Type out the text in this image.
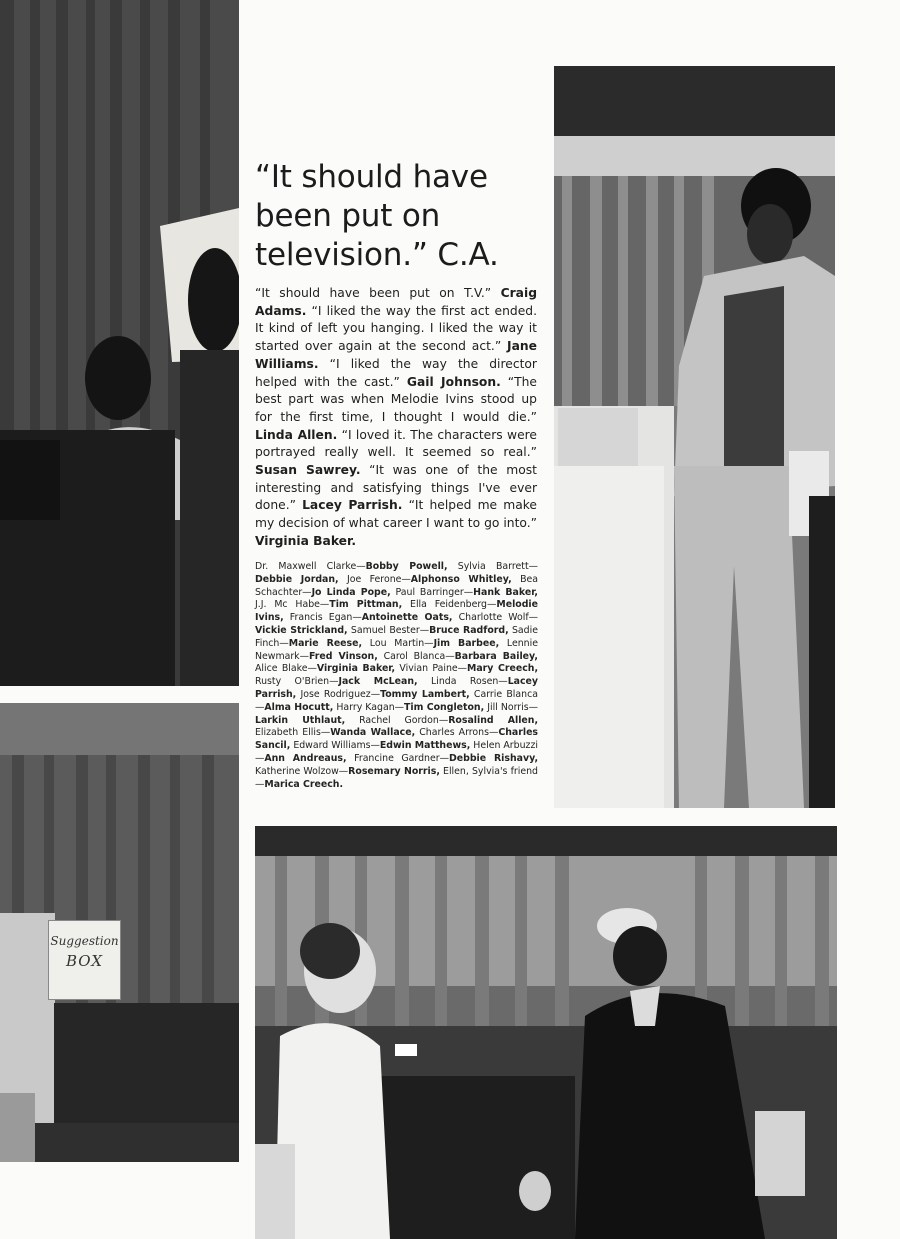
Suggestion
BOX
“It should have
been put on
television.” C.A.
“It should have been put on T.V.” Craig Adams. “I liked the way the first act ended. It kind of left you hanging. I liked the way it started over again at the second act.” Jane Williams. “I liked the way the director helped with the cast.” Gail Johnson. “The best part was when Melodie Ivins stood up for the first time, I thought I would die.” Linda Allen. “I loved it. The characters were portrayed really well. It seemed so real.” Susan Sawrey. “It was one of the most interesting and satisfying things I've ever done.” Lacey Parrish. “It helped me make my decision of what career I want to go into.” Virginia Baker.
Dr. Maxwell Clarke—Bobby Powell, Sylvia Barrett—Debbie Jordan, Joe Ferone—Alphonso Whitley, Bea Schachter—Jo Linda Pope, Paul Barringer—Hank Baker, J.J. Mc Habe—Tim Pittman, Ella Feidenberg—Melodie Ivins, Francis Egan—Antoinette Oats, Charlotte Wolf—Vickie Strickland, Samuel Bester—Bruce Radford, Sadie Finch—Marie Reese, Lou Martin—Jim Barbee, Lennie Newmark—Fred Vinson, Carol Blanca—Barbara Bailey, Alice Blake—Virginia Baker, Vivian Paine—Mary Creech, Rusty O'Brien—Jack McLean, Linda Rosen—Lacey Parrish, Jose Rodriguez—Tommy Lambert, Carrie Blanca—Alma Hocutt, Harry Kagan—Tim Congleton, Jill Norris—Larkin Uthlaut, Rachel Gordon—Rosalind Allen, Elizabeth Ellis—Wanda Wallace, Charles Arrons—Charles Sancil, Edward Williams—Edwin Matthews, Helen Arbuzzi—Ann Andreaus, Francine Gardner—Debbie Rishavy, Katherine Wolzow—Rosemary Norris, Ellen, Sylvia's friend—Marica Creech.
